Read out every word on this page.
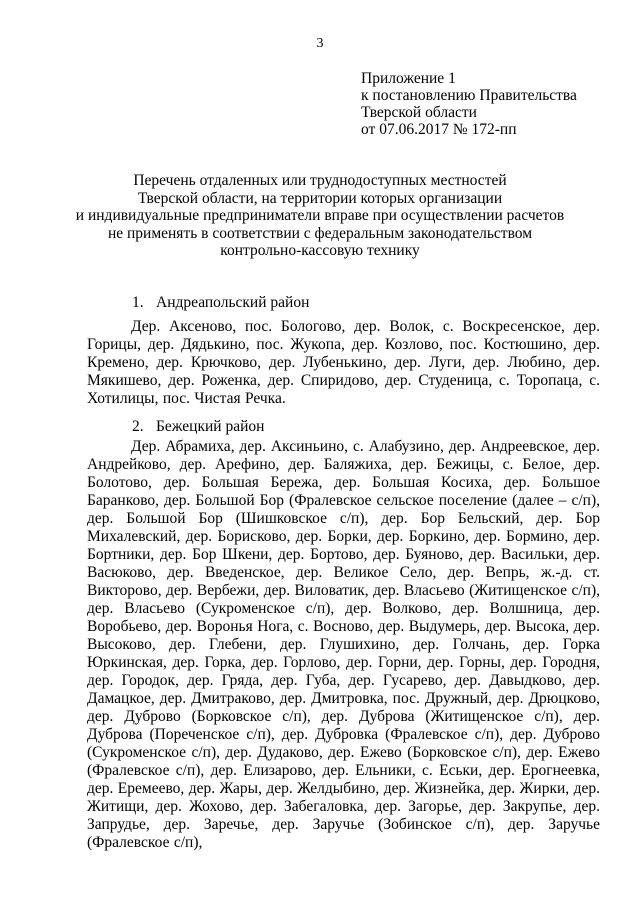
3
Приложение 1
к постановлению Правительства
Тверской области
от 07.06.2017 № 172-пп
Перечень отдаленных или труднодоступных местностей
Тверской области, на территории которых организации
и индивидуальные предприниматели вправе при осуществлении расчетов
не применять в соответствии с федеральным законодательством
контрольно-кассовую технику
1. Андреапольский район
Дер. Аксеново, пос. Бологово, дер. Волок, с. Воскресенское, дер. Горицы, дер. Дядькино, пос. Жукопа, дер. Козлово, пос. Костюшино, дер. Кремено, дер. Крючково, дер. Лубенькино, дер. Луги, дер. Любино, дер. Мякишево, дер. Роженка, дер. Спиридово, дер. Студеница, с. Торопаца, с. Хотилицы, пос. Чистая Речка.
2. Бежецкий район
Дер. Абрамиха, дер. Аксиньино, с. Алабузино, дер. Андреевское, дер. Андрейково, дер. Арефино, дер. Баляжиха, дер. Бежицы, с. Белое, дер. Болотово, дер. Большая Бережа, дер. Большая Косиха, дер. Большое Баранково, дер. Большой Бор (Фралевское сельское поселение (далее – с/п), дер. Большой Бор (Шишковское с/п), дер. Бор Бельский, дер. Бор Михалевский, дер. Борисково, дер. Борки, дер. Боркино, дер. Бормино, дер. Бортники, дер. Бор Шкени, дер. Бортово, дер. Буяново, дер. Васильки, дер. Васюково, дер. Введенское, дер. Великое Село, дер. Вепрь, ж.-д. ст. Викторово, дер. Вербежи, дер. Виловатик, дер. Власьево (Житищенское с/п), дер. Власьево (Сукроменское с/п), дер. Волково, дер. Волшница, дер. Воробьево, дер. Воронья Нога, с. Восново, дер. Выдумерь, дер. Высока, дер. Высоково, дер. Глебени, дер. Глушихино, дер. Голчань, дер. Горка Юркинская, дер. Горка, дер. Горлово, дер. Горни, дер. Горны, дер. Городня, дер. Городок, дер. Гряда, дер. Губа, дер. Гусарево, дер. Давыдково, дер. Дамацкое, дер. Дмитраково, дер. Дмитровка, пос. Дружный, дер. Дрюцково, дер. Дуброво (Борковское с/п), дер. Дуброва (Житищенское с/п), дер. Дуброва (Пореченское с/п), дер. Дубровка (Фралевское с/п), дер. Дуброво (Сукроменское с/п), дер. Дудаково, дер. Ежево (Борковское с/п), дер. Ежево (Фралевское с/п), дер. Елизарово, дер. Ельники, с. Еськи, дер. Ерогнеевка, дер. Еремеево, дер. Жары, дер. Желдыбино, дер. Жизнейка, дер. Жирки, дер. Житищи, дер. Жохово, дер. Забегаловка, дер. Загорье, дер. Закрупье, дер. Запрудье, дер. Заречье, дер. Заручье (Зобинское с/п), дер. Заручье (Фралевское с/п),
